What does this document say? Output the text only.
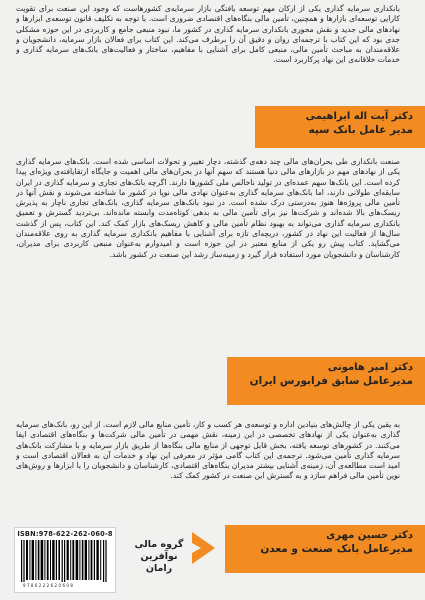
بانکداری سرمایه گذاری یکی از ارکان مهم توسعه یافتگی بازار سرمایه‌ی کشورهاست که وجود این صنعت برای تقویت کارایی توسعه‌ای بازارها و همچنین، تأمین مالی بنگاه‌های اقتصادی ضروری است. با توجه به تکلیف قانون توسعه‌ی ابزارها و نهادهای مالی جدید و نقش محوری بانکداری سرمایه گذاری در کشور ما، نبود منبعی جامع و کاربردی در این حوزه مشکلی جدی بود که این کتاب با ترجمه‌ای روان و دقیق آن را برطرف می‌کند. این کتاب برای فعالان بازار سرمایه، دانشجویان و علاقه‌مندان به مباحث تأمین مالی، منبعی کامل برای آشنایی با مفاهیم، ساختار و فعالیت‌های بانک‌های سرمایه گذاری و خدمات خلاقانه‌ی این نهاد پرکاربرد است.

دکتر آیت اله ابراهیمی
مدیر عامل بانک سپه

صنعت بانکداری طی بحران‌های مالی چند دهه‌ی گذشته، دچار تغییر و تحولات اساسی شده است. بانک‌های سرمایه گذاری یکی از نهادهای مهم در بازارهای مالی دنیا هستند که سهم آنها در بحران‌های مالی اهمیت و جایگاه ارتقایافته‌ی ویژه‌ای پیدا کرده است. این بانک‌ها سهم عمده‌ای در تولید ناخالص ملی کشورها دارند. اگرچه بانک‌های تجاری و سرمایه گذاری در ایران سابقه‌ای طولانی دارند، اما بانک‌های سرمایه گذاری به‌عنوان نهادی مالی نوپا در کشور ما شناخته می‌شوند و نقش آنها در تأمین مالی پروژه‌ها هنوز به‌درستی درک نشده است. در نبود بانک‌های سرمایه گذاری، بانک‌های تجاری ناچار به پذیرش ریسک‌های بالا شده‌اند و شرکت‌ها نیز برای تأمین مالی به بدهی کوتاه‌مدت وابسته مانده‌اند. بی‌تردید گسترش و تعمیق بانکداری سرمایه گذاری می‌تواند به بهبود نظام تأمین مالی و کاهش ریسک‌های بازار کمک کند. این کتاب، پس از گذشت سال‌ها از فعالیت این نهاد در کشور، دریچه‌ای تازه برای آشنایی با مفاهیم بانکداری سرمایه گذاری به روی علاقه‌مندان می‌گشاید. کتاب پیش رو یکی از منابع معتبر در این حوزه است و امیدوارم به‌عنوان منبعی کاربردی برای مدیران، کارشناسان و دانشجویان مورد استفاده قرار گیرد و زمینه‌ساز رشد این صنعت در کشور باشد.

دکتر امیر هامونی
مدیرعامل سابق فرابورس ایران

به یقین یکی از چالش‌های بنیادین اداره و توسعه‌ی هر کسب و کار، تأمین منابع مالی لازم است. از این رو، بانک‌های سرمایه گذاری به‌عنوان یکی از نهادهای تخصصی در این زمینه، نقش مهمی در تأمین مالی شرکت‌ها و بنگاه‌های اقتصادی ایفا می‌کنند. در کشورهای توسعه یافته، بخش قابل توجهی از منابع مالی بنگاه‌ها از طریق بازار سرمایه و با مشارکت بانک‌های سرمایه گذاری تأمین می‌شود. ترجمه‌ی این کتاب گامی مؤثر در معرفی این نهاد و خدمات آن به فعالان اقتصادی است و امید است مطالعه‌ی آن، زمینه‌ی آشنایی بیشتر مدیران بنگاه‌های اقتصادی، کارشناسان و دانشجویان را با ابزارها و روش‌های نوین تأمین مالی فراهم سازد و به گسترش این صنعت در کشور کمک کند.

دکتر حسین مهری
مدیرعامل بانک صنعت و معدن
ISBN:978-622-262-060-8
9786222620608
گروه مالی
نوآفرین رامان
